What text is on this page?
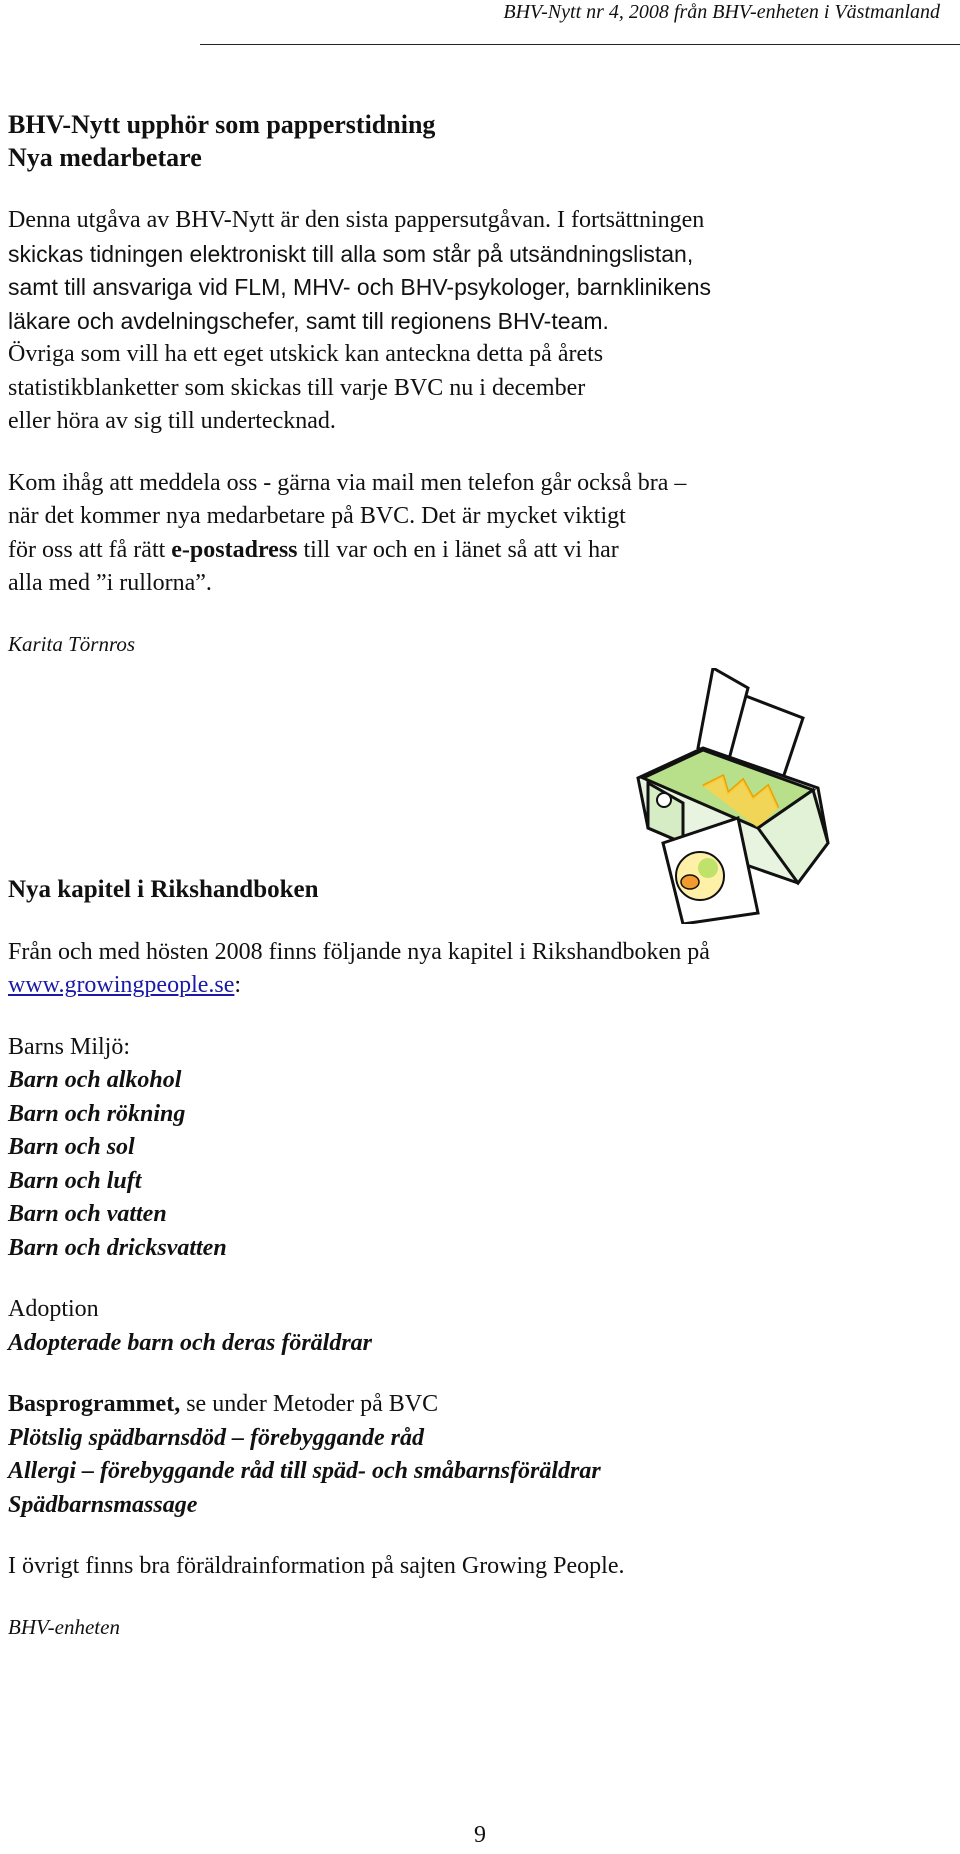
BHV-Nytt nr 4, 2008 från BHV-enheten i Västmanland
BHV-Nytt upphör som papperstidning
Nya medarbetare

Denna utgåva av BHV-Nytt är den sista pappersutgåvan. I fortsättningen

skickas tidningen elektroniskt till alla som står på utsändningslistan,

samt till ansvariga vid FLM, MHV- och BHV-psykologer, barnklinikens

läkare och avdelningschefer, samt till regionens BHV-team.

Övriga som vill ha ett eget utskick kan anteckna detta på årets

statistikblanketter som skickas till varje BVC nu i december

eller höra av sig till undertecknad.

Kom ihåg att meddela oss - gärna via mail men telefon går också bra –

när det kommer nya medarbetare på BVC. Det är mycket viktigt

för oss att få rätt e-postadress till var och en i länet så att vi har

alla med ”i rullorna”.

Karita Törnros

Nya kapitel i Rikshandboken

Från och med hösten 2008 finns följande nya kapitel i Rikshandboken på

www.growingpeople.se:

Barns Miljö:

Barn och alkohol

Barn och rökning

Barn och sol

Barn och luft

Barn och vatten

Barn och dricksvatten

Adoption

Adopterade barn och deras föräldrar

Basprogrammet, se under Metoder på BVC

Plötslig spädbarnsdöd – förebyggande råd

Allergi – förebyggande råd till späd- och småbarnsföräldrar

Spädbarnsmassage

I övrigt finns bra föräldrainformation på sajten Growing People.

BHV-enheten

9
